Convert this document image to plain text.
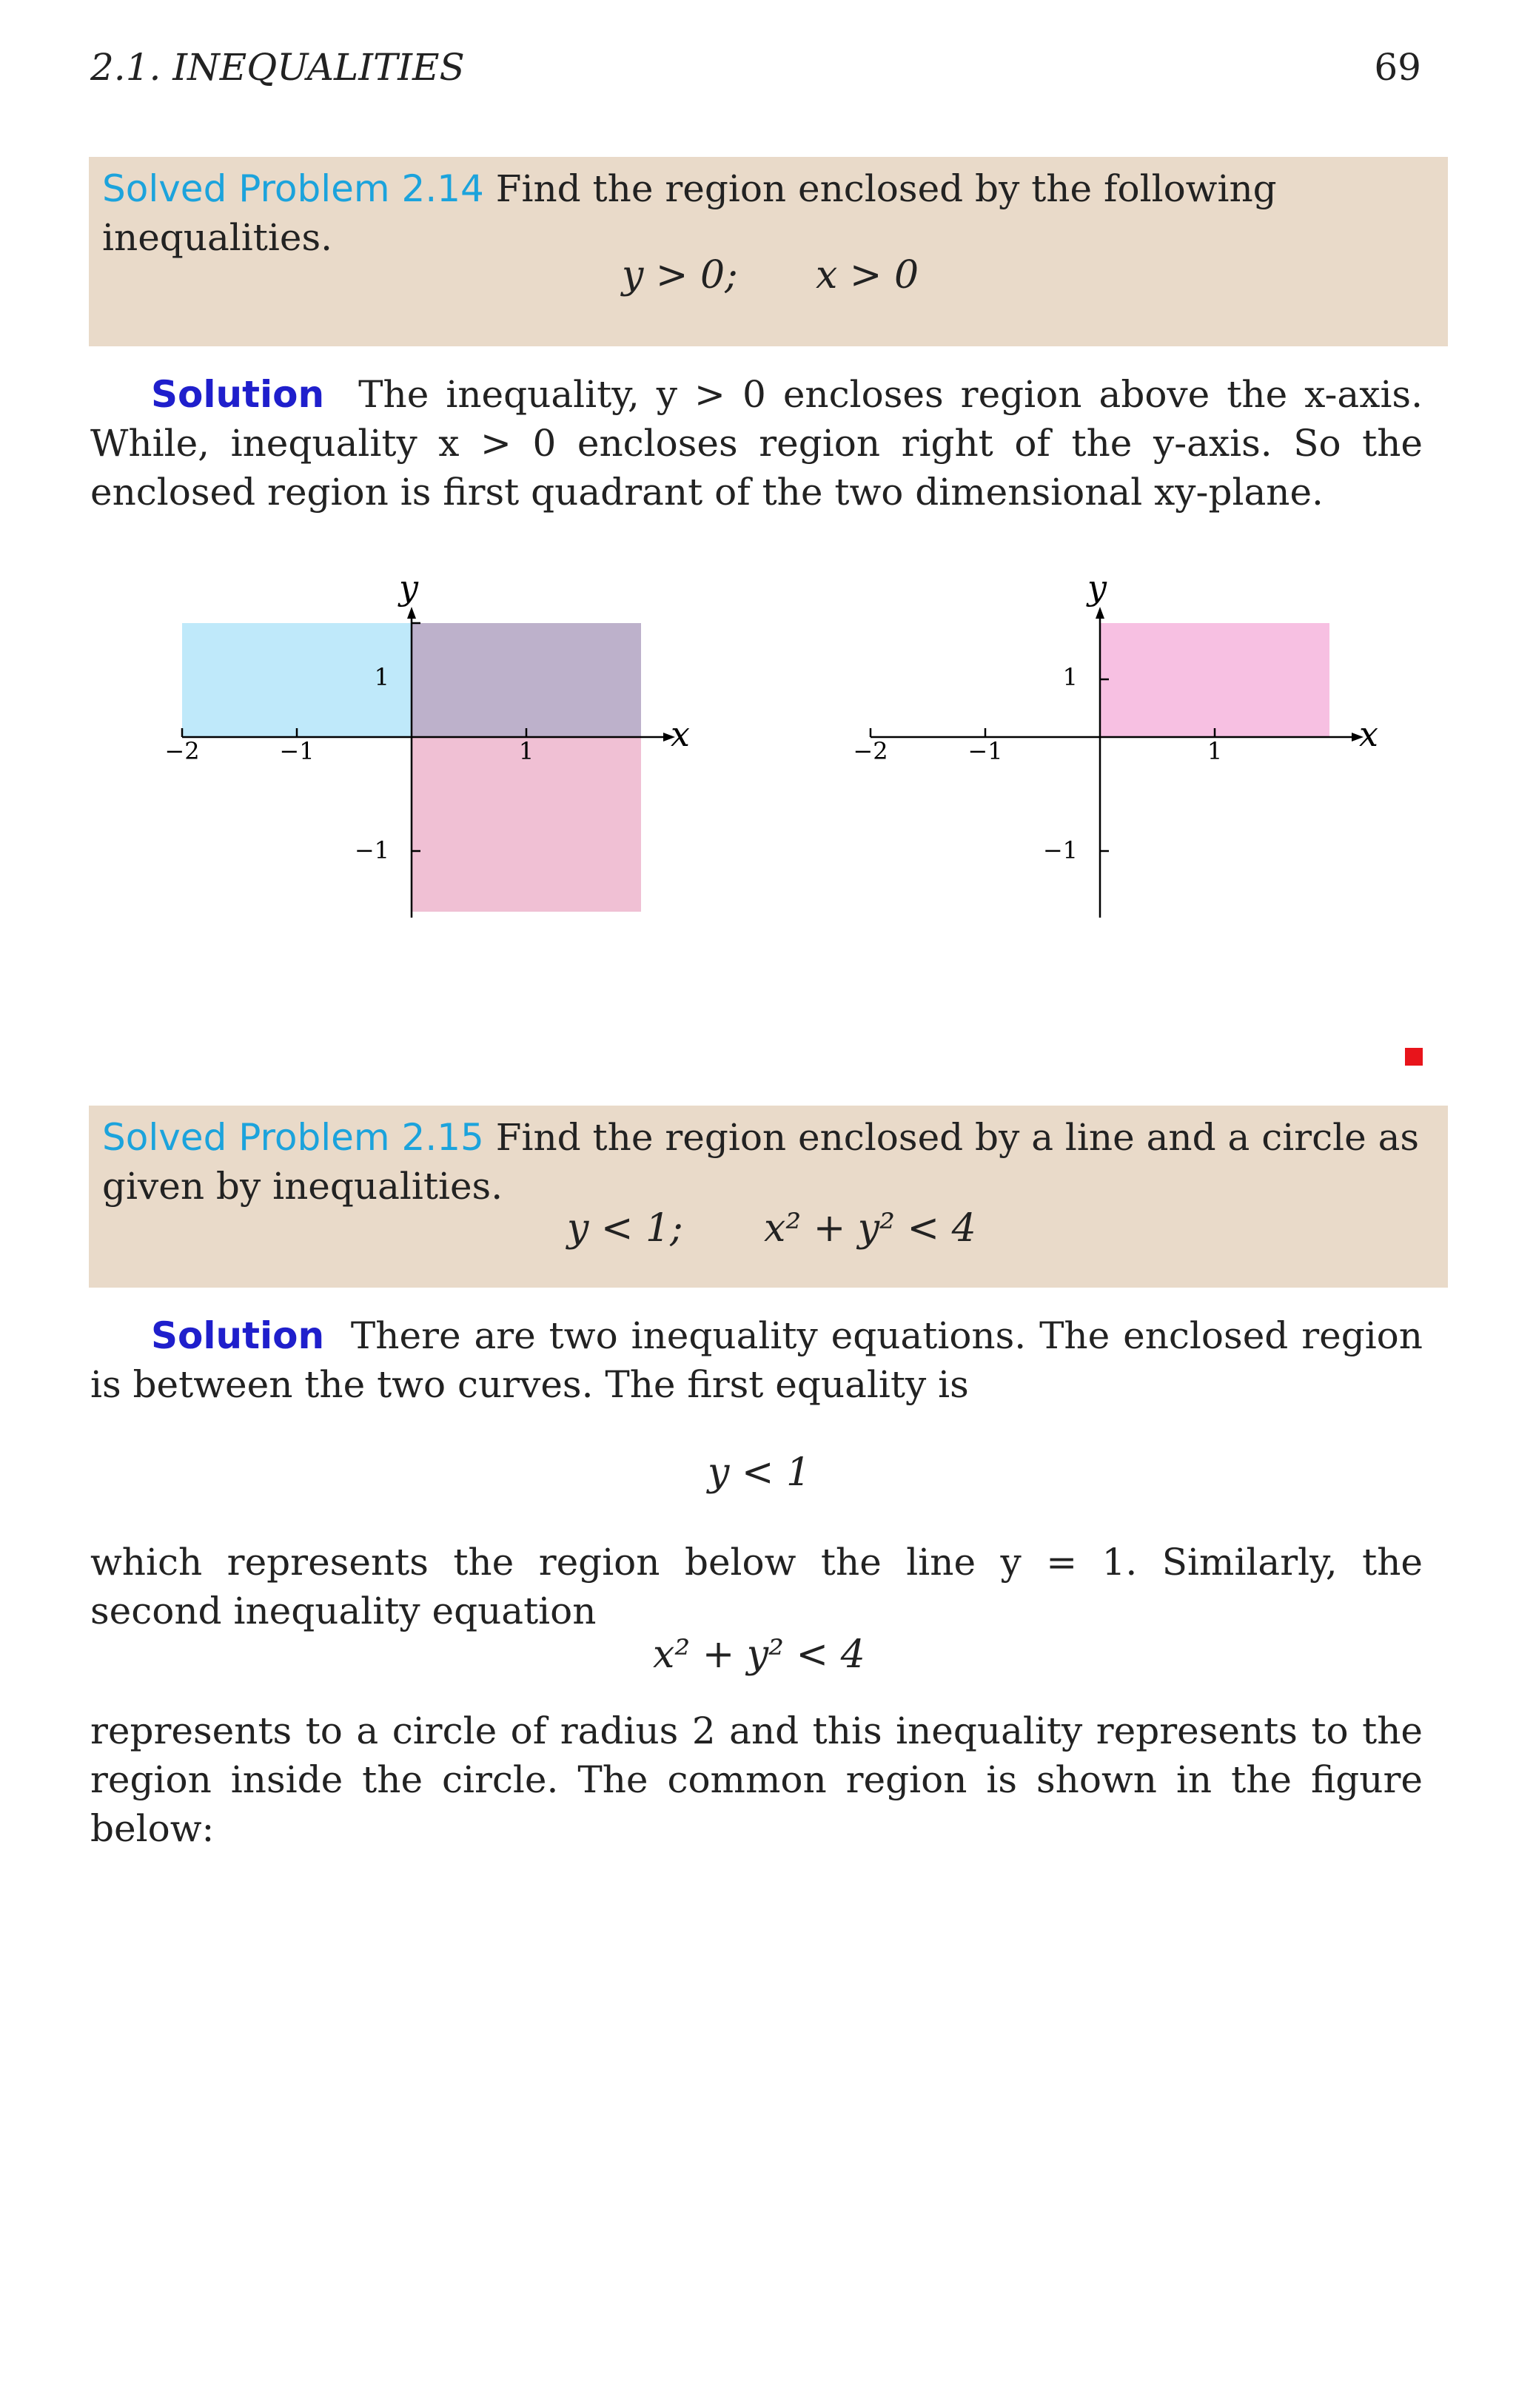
2.1. INEQUALITIES	69
Solved Problem 2.14 Find the region enclosed by the following inequalities.
y > 0; x > 0
Solution The inequality, y > 0 encloses region above the x-axis. While, inequality x > 0 encloses region right of the y-axis. So the enclosed region is first quadrant of the two dimensional xy-plane.
−2	−1	1
1
−1
x
y
−2	−1	1
1
−1
x
y
Solved Problem 2.15 Find the region enclosed by a line and a circle as given by inequalities.
y < 1; x² + y² < 4
Solution There are two inequality equations. The enclosed region is between the two curves. The first equality is
y < 1
which represents the region below the line y = 1. Similarly, the second inequality equation
x² + y² < 4
represents to a circle of radius 2 and this inequality represents to the region inside the circle. The common region is shown in the figure below:
